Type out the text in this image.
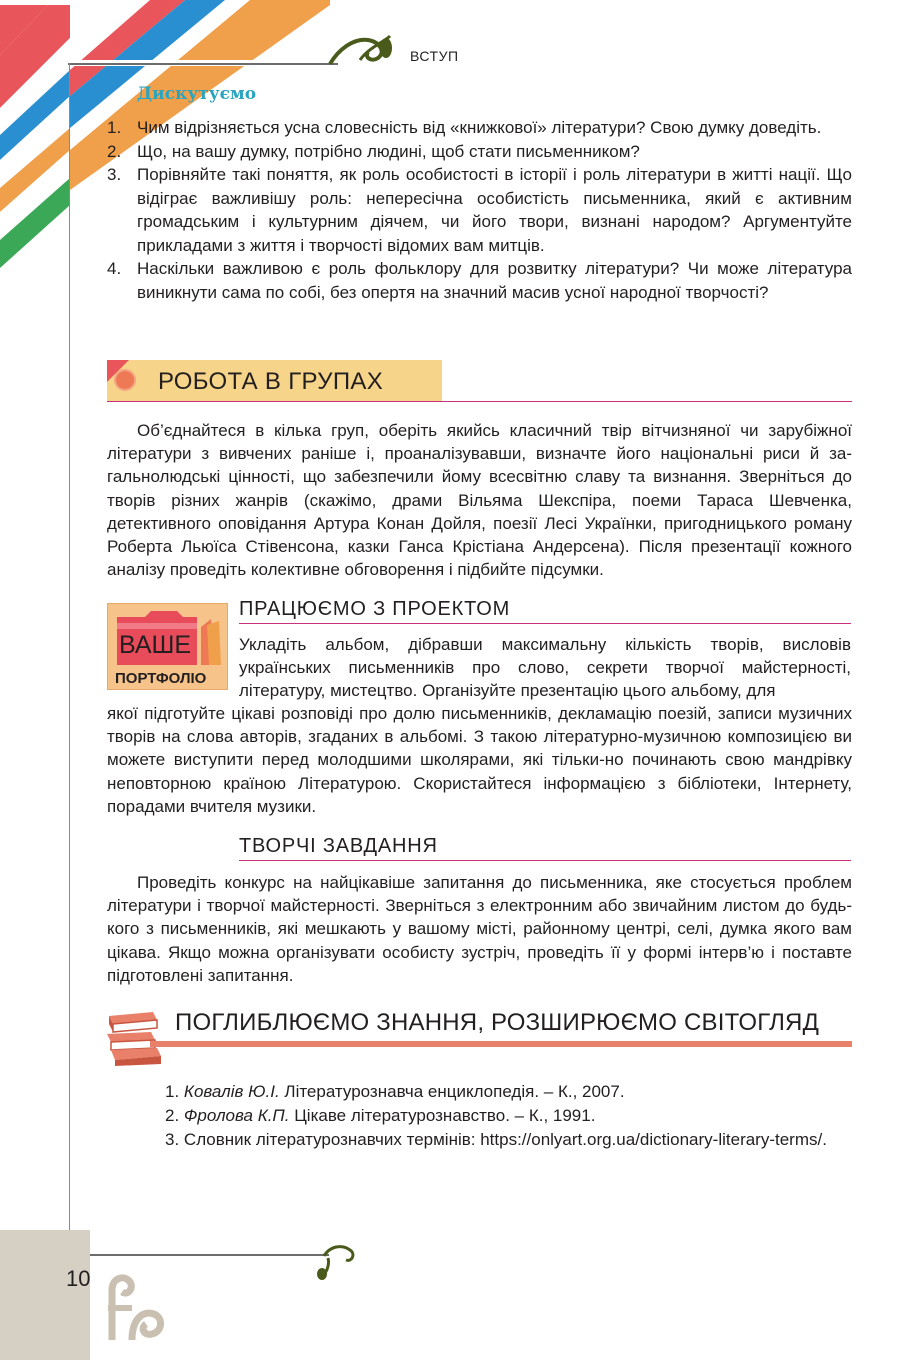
ВСТУП
Дискутуємо
1. Чим відрізняється усна словесність від «книжкової» літератури? Свою думку доведіть.
2. Що, на вашу думку, потрібно людині, щоб стати письменником?
3. Порівняйте такі поняття, як роль особистості в історії і роль літератури в житті нації. Що відіграє важливішу роль: непересічна особистість письменника, який є активним громадським і культурним діячем, чи його твори, визнані народом? Аргументуйте прикладами з життя і творчості відомих вам митців.
4. Наскільки важливою є роль фольклору для розвитку літератури? Чи може література виникнути сама по собі, без опертя на значний масив усної народної творчості?
РОБОТА В ГРУПАХ
Об’єднайтеся в кілька груп, оберіть якийсь класичний твір вітчизняної чи зарубіжної літератури з вивчених раніше і, проаналізувавши, визначте його національні риси й загальнолюдські цінності, що забезпечили йому всесвітню славу та визнання. Зверніться до творів різних жанрів (скажімо, драми Вільяма Шекспіра, поеми Тараса Шевченка, детективного оповідання Артура Конан Дойля, поезії Лесі Українки, пригодницького роману Роберта Льюїса Стівенсона, казки Ганса Крістіана Андерсена). Після презентації кожного аналізу проведіть колективне обговорення і підбийте підсумки.
ВАШЕ
ПОРТФОЛІО
ПРАЦЮЄМО З ПРОЕКТОМ
Укладіть альбом, дібравши максимальну кількість творів, висловів українських письменників про слово, секрети творчої майстерності, літературу, мистецтво. Організуйте презентацію цього альбому, для
якої підготуйте цікаві розповіді про долю письменників, декламацію поезій, записи музичних творів на слова авторів, згаданих в альбомі. З такою літературно-музичною композицією ви можете виступити перед молодшими школярами, які тільки-но починають свою мандрівку неповторною країною Літературою. Скористайтеся інформацією з бібліотеки, Інтернету, порадами вчителя музики.
ТВОРЧІ ЗАВДАННЯ
Проведіть конкурс на найцікавіше запитання до письменника, яке стосується проблем літератури і творчої майстерності. Зверніться з електронним або звичайним листом до будь-кого з письменників, які мешкають у вашому місті, районному центрі, селі, думка якого вам цікава. Якщо можна організувати особисту зустріч, проведіть її у формі інтерв’ю і поставте підготовлені запитання.
ПОГЛИБЛЮЄМО ЗНАННЯ, РОЗШИРЮЄМО СВІТОГЛЯД
1. Ковалів Ю.І. Літературознавча енциклопедія. – К., 2007.
2. Фролова К.П. Цікаве літературознавство. – К., 1991.
3. Словник літературознавчих термінів: https://onlyart.org.ua/dictionary-literary-terms/.
10
